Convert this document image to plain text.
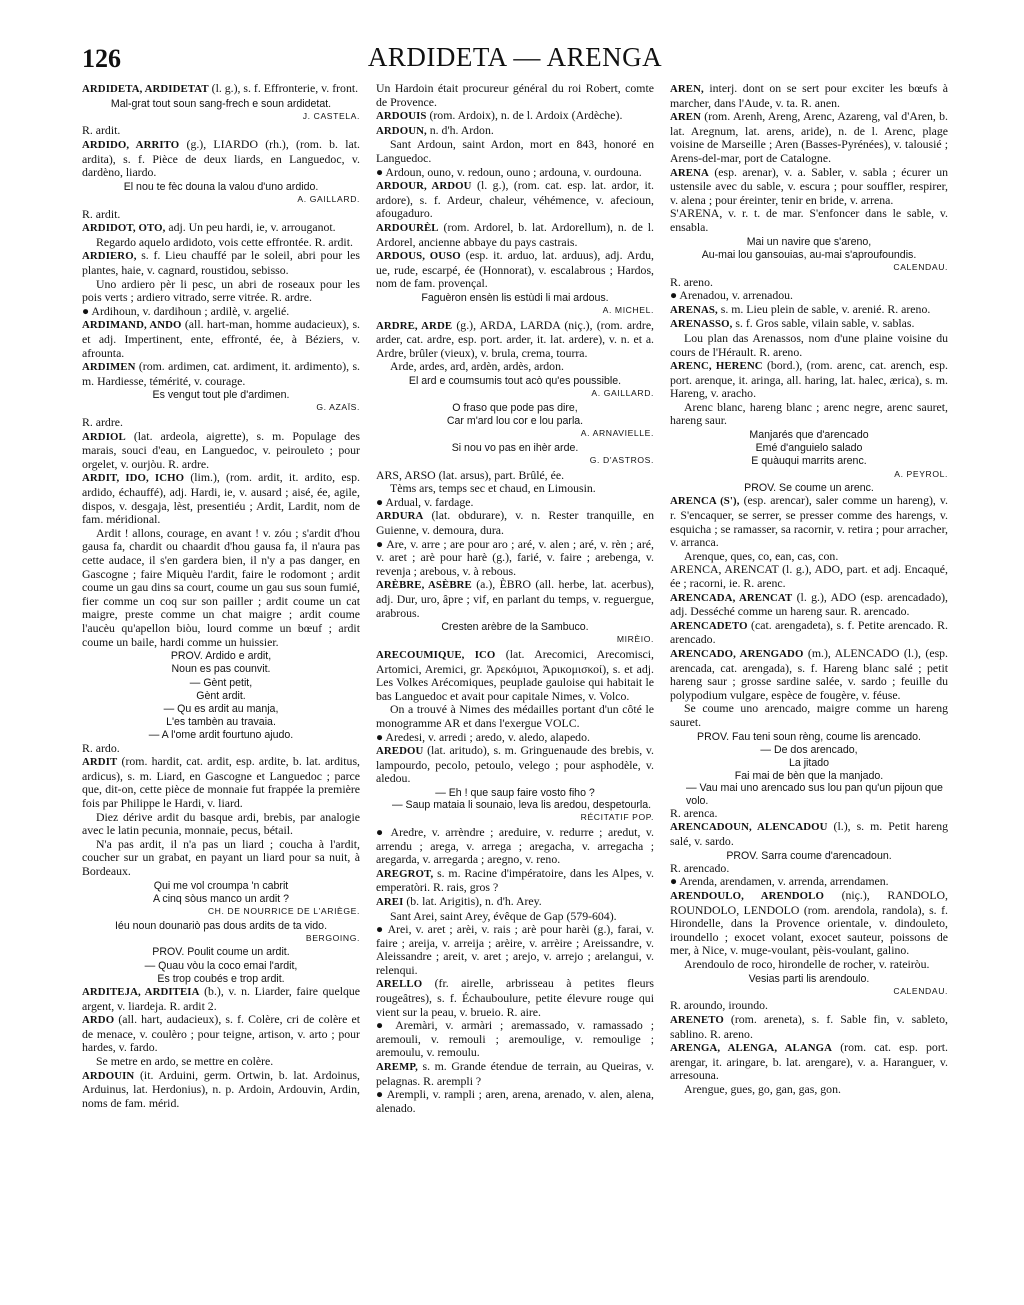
126	ARDIDETA — ARENGA
ARDIDETA, ARDIDETAT (l. g.), s. f. Effronterie, v. front.
Mal-grat tout soun sang-frech e soun ardidetat.
J. CASTELA.
R. ardit.
ARDIDO, ARRITO (g.), LIARDO (rh.), (rom. b. lat. ardita), s. f. Pièce de deux liards, en Languedoc, v. dardèno, liardo.
El nou te fèc douna la valou d'uno ardido.
A. GAILLARD.
R. ardit.
ARDIDOT, OTO, adj. Un peu hardi, ie, v. arrouganot.
Regardo aquelo ardidoto, vois cette effrontée. R. ardit.
ARDIERO, s. f. Lieu chauffé par le soleil, abri pour les plantes, haie, v. cagnard, roustidou, sebisso.
Uno ardiero pèr li pesc, un abri de roseaux pour les pois verts ; ardiero vitrado, serre vitrée. R. ardre.
● Ardihoun, v. dardihoun ; ardilè, v. argelié.
ARDIMAND, ANDO (all. hart-man, homme audacieux), s. et adj. Impertinent, ente, effronté, ée, à Béziers, v. afrounta.
ARDIMEN (rom. ardimen, cat. ardiment, it. ardimento), s. m. Hardiesse, témérité, v. courage.
Es vengut tout ple d'ardimen.
G. AZAÏS.
R. ardre.
ARDIOL (lat. ardeola, aigrette), s. m. Populage des marais, souci d'eau, en Languedoc, v. peirouleto ; pour orgelet, v. ourjòu. R. ardre.
ARDIT, IDO, ICHO (lim.), (rom. ardit, it. ardito, esp. ardido, échauffé), adj. Hardi, ie, v. ausard ; aisé, ée, agile, dispos, v. desgaja, lèst, presentiéu ; Ardit, Lardit, nom de fam. méridional.
Ardit ! allons, courage, en avant ! v. zóu ; s'ardit d'hou gausa fa, chardit ou chaardit d'hou gausa fa, il n'aura pas cette audace, il s'en gardera bien, il n'y a pas danger, en Gascogne ; faire Miquèu l'ardit, faire le rodomont ; ardit coume un gau dins sa court, coume un gau sus soun fumié, fier comme un coq sur son pailler ; ardit coume un cat maigre, preste comme un chat maigre ; ardit coume l'aucèu qu'apellon biòu, lourd comme un bœuf ; ardit coume un baile, hardi comme un huissier.
PROV. Ardido e ardit,
Noun es pas counvit.
— Gènt petit,
Gènt ardit.
— Qu es ardit au manja,
L'es tambèn au travaia.
— A l'ome ardit fourtuno ajudo.
R. ardo.
ARDIT (rom. hardit, cat. ardit, esp. ardite, b. lat. arditus, ardicus), s. m. Liard, en Gascogne et Languedoc ; parce que, dit-on, cette pièce de monnaie fut frappée la première fois par Philippe le Hardi, v. liard.
Diez dérive ardit du basque ardi, brebis, par analogie avec le latin pecunia, monnaie, pecus, bétail.
N'a pas ardit, il n'a pas un liard ; coucha à l'ardit, coucher sur un grabat, en payant un liard pour sa nuit, à Bordeaux.
Qui me vol croumpa 'n cabrit
A cinq sòus manco un ardit ?
CH. DE NOURRICE DE L'ARIÈGE.
Iéu noun dounariò pas dous ardits de ta vido.
BERGOING.
PROV. Poulit coume un ardit.
— Quau vòu la coco emai l'ardit,
Es trop coubés e trop ardit.
ARDITEJA, ARDITEIA (b.), v. n. Liarder, faire quelque argent, v. liardeja. R. ardit 2.
ARDO (all. hart, audacieux), s. f. Colère, cri de colère et de menace, v. coulèro ; pour teigne, artison, v. arto ; pour hardes, v. fardo.
Se metre en ardo, se mettre en colère.
ARDOUIN (it. Arduini, germ. Ortwin, b. lat. Ardoinus, Arduinus, lat. Herdonius), n. p. Ardoin, Ardouvin, Ardin, noms de fam. mérid.
Un Hardoin était procureur général du roi Robert, comte de Provence.
ARDOUIS (rom. Ardoix), n. de l. Ardoix (Ardèche).
ARDOUN, n. d'h. Ardon.
Sant Ardoun, saint Ardon, mort en 843, honoré en Languedoc.
● Ardoun, ouno, v. redoun, ouno ; ardouna, v. ourdouna.
ARDOUR, ARDOU (l. g.), (rom. cat. esp. lat. ardor, it. ardore), s. f. Ardeur, chaleur, véhémence, v. afecioun, afougaduro.
ARDOURÈL (rom. Ardorel, b. lat. Ardorellum), n. de l. Ardorel, ancienne abbaye du pays castrais.
ARDOUS, OUSO (esp. it. arduo, lat. arduus), adj. Ardu, ue, rude, escarpé, ée (Honnorat), v. escalabrous ; Hardos, nom de fam. provençal.
Faguèron ensèn lis estùdi li mai ardous.
A. MICHEL.
ARDRE, ARDE (g.), ARDA, LARDA (niç.), (rom. ardre, arder, cat. ardre, esp. port. arder, it. lat. ardere), v. n. et a. Ardre, brûler (vieux), v. brula, crema, tourra.
Arde, ardes, ard, ardèn, ardès, ardon.
El ard e coumsumis tout acò qu'es poussible.
A. GAILLARD.
O fraso que pode pas dire,
Car m'ard lou cor e lou parla.
A. ARNAVIELLE.
Si nou vo pas en ihèr arde.
G. D'ASTROS.
ARS, ARSO (lat. arsus), part. Brûlé, ée.
Tèms ars, temps sec et chaud, en Limousin.
● Ardual, v. fardage.
ARDURA (lat. obdurare), v. n. Rester tranquille, en Guienne, v. demoura, dura.
● Are, v. arre ; are pour aro ; aré, v. alen ; aré, v. rèn ; aré, v. aret ; arè pour harè (g.), farié, v. faire ; arebenga, v. revenja ; arebous, v. à rebous.
ARÈBRE, ASÈBRE (a.), ÈBRO (all. herbe, lat. acerbus), adj. Dur, uro, âpre ; vif, en parlant du temps, v. reguergue, arabrous.
Cresten arèbre de la Sambuco.
MIRÈIO.
ARECOUMIQUE, ICO (lat. Arecomici, Arecomisci, Artomici, Aremici, gr. Ἀρεκόμιοι, Ἀρικομισκοί), s. et adj. Les Volkes Arécomiques, peuplade gauloise qui habitait le bas Languedoc et avait pour capitale Nimes, v. Volco.
On a trouvé à Nimes des médailles portant d'un côté le monogramme AR et dans l'exergue VOLC.
● Aredesi, v. arredi ; aredo, v. aledo, alapedo.
AREDOU (lat. aritudo), s. m. Gringuenaude des brebis, v. lampourdo, pecolo, petoulo, velego ; pour asphodèle, v. aledou.
— Eh ! que saup faire vosto fiho ?
— Saup mataia li sounaio, leva lis aredou, despetourla.
RÉCITATIF POP.
● Aredre, v. arrèndre ; areduire, v. redurre ; aredut, v. arrendu ; arega, v. arrega ; aregacha, v. arregacha ; aregarda, v. arregarda ; aregno, v. reno.
AREGROT, s. m. Racine d'impératoire, dans les Alpes, v. emperatòri. R. rais, gros ?
AREI (b. lat. Arigitis), n. d'h. Arey.
Sant Arei, saint Arey, évêque de Gap (579-604).
● Arei, v. aret ; arèi, v. rais ; arè pour harèi (g.), farai, v. faire ; areija, v. arreija ; arèire, v. arrèire ; Areissandre, v. Aleissandre ; areit, v. aret ; arejo, v. arrejo ; arelangui, v. relenqui.
ARELLO (fr. airelle, arbrisseau à petites fleurs rougeâtres), s. f. Échauboulure, petite élevure rouge qui vient sur la peau, v. brueio. R. aire.
● Aremàri, v. armàri ; aremassado, v. ramassado ; aremouli, v. remouli ; aremoulige, v. remoulige ; aremoulu, v. remoulu.
AREMP, s. m. Grande étendue de terrain, au Queiras, v. pelagnas. R. arempli ?
● Arempli, v. rampli ; aren, arena, arenado, v. alen, alena, alenado.
AREN, interj. dont on se sert pour exciter les bœufs à marcher, dans l'Aude, v. ta. R. anen.
AREN (rom. Arenh, Areng, Arenc, Azareng, val d'Aren, b. lat. Aregnum, lat. arens, aride), n. de l. Arenc, plage voisine de Marseille ; Aren (Basses-Pyrénées), v. talousié ; Arens-del-mar, port de Catalogne.
ARENA (esp. arenar), v. a. Sabler, v. sabla ; écurer un ustensile avec du sable, v. escura ; pour souffler, respirer, v. alena ; pour éreinter, tenir en bride, v. arrena.
S'ARENA, v. r. t. de mar. S'enfoncer dans le sable, v. ensabla.
Mai un navire que s'areno,
Au-mai lou gansouias, au-mai s'aproufoundis.
CALENDAU.
R. areno.
● Arenadou, v. arrenadou.
ARENAS, s. m. Lieu plein de sable, v. arenié. R. areno.
ARENASSO, s. f. Gros sable, vilain sable, v. sablas.
Lou plan das Arenassos, nom d'une plaine voisine du cours de l'Hérault. R. areno.
ARENC, HERENC (bord.), (rom. arenc, cat. arench, esp. port. arenque, it. aringa, all. haring, lat. halec, ærica), s. m. Hareng, v. aracho.
Arenc blanc, hareng blanc ; arenc negre, arenc sauret, hareng saur.
Manjarés que d'arencado
Emé d'anguielo salado
E quàuqui marrits arenc.
A. PEYROL.
PROV. Se coume un arenc.
ARENCA (S'), (esp. arencar), saler comme un hareng), v. r. S'encaquer, se serrer, se presser comme des harengs, v. esquicha ; se ramasser, sa racornir, v. retira ; pour arracher, v. arranca.
Arenque, ques, co, ean, cas, con.
ARENCA, ARENCAT (l. g.), ADO, part. et adj. Encaqué, ée ; racorni, ie. R. arenc.
ARENCADA, ARENCAT (l. g.), ADO (esp. arencadado), adj. Desséché comme un hareng saur. R. arencado.
ARENCADETO (cat. arengadeta), s. f. Petite arencado. R. arencado.
ARENCADO, ARENGADO (m.), ALENCADO (l.), (esp. arencada, cat. arengada), s. f. Hareng blanc salé ; petit hareng saur ; grosse sardine salée, v. sardo ; feuille du polypodium vulgare, espèce de fougère, v. féuse.
Se coume uno arencado, maigre comme un hareng sauret.
PROV. Fau teni soun rèng, coume lis arencado.
— De dos arencado,
La jitado
Fai mai de bèn que la manjado.
— Vau mai uno arencado sus lou pan qu'un pijoun que volo.
R. arenca.
ARENCADOUN, ALENCADOU (l.), s. m. Petit hareng salé, v. sardo.
PROV. Sarra coume d'arencadoun.
R. arencado.
● Arenda, arendamen, v. arrenda, arrendamen.
ARENDOULO, ARENDOLO (niç.), RANDOLO, ROUNDOLO, LENDOLO (rom. arendola, randola), s. f. Hirondelle, dans la Provence orientale, v. dindouleto, iroundello ; exocet volant, exocet sauteur, poissons de mer, à Nice, v. muge-voulant, pèis-voulant, galino.
Arendoulo de roco, hirondelle de rocher, v. rateiròu.
Vesias parti lis arendoulo.
CALENDAU.
R. aroundo, iroundo.
ARENETO (rom. areneta), s. f. Sable fin, v. sableto, sablino. R. areno.
ARENGA, ALENGA, ALANGA (rom. cat. esp. port. arengar, it. aringare, b. lat. arengare), v. a. Haranguer, v. arresouna.
Arengue, gues, go, gan, gas, gon.
